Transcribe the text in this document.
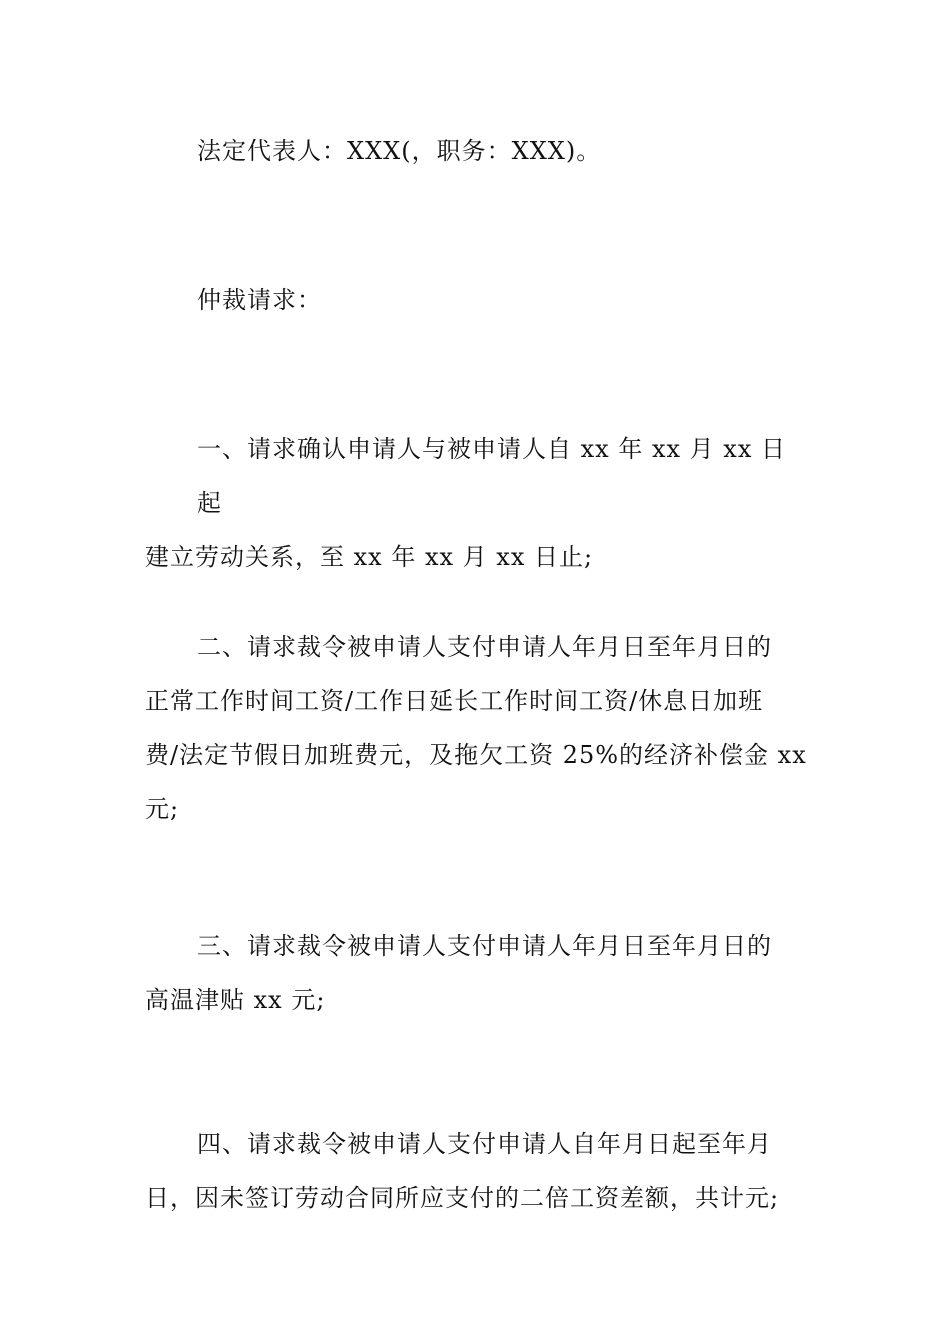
法定代表人：XXX(，职务：XXX)。
仲裁请求：
一、请求确认申请人与被申请人自 xx 年 xx 月 xx 日起
建立劳动关系，至 xx 年 xx 月 xx 日止;
二、请求裁令被申请人支付申请人年月日至年月日的
正常工作时间工资/工作日延长工作时间工资/休息日加班
费/法定节假日加班费元，及拖欠工资 25%的经济补偿金 xx
元;
三、请求裁令被申请人支付申请人年月日至年月日的
高温津贴 xx 元;
四、请求裁令被申请人支付申请人自年月日起至年月
日，因未签订劳动合同所应支付的二倍工资差额，共计元;
